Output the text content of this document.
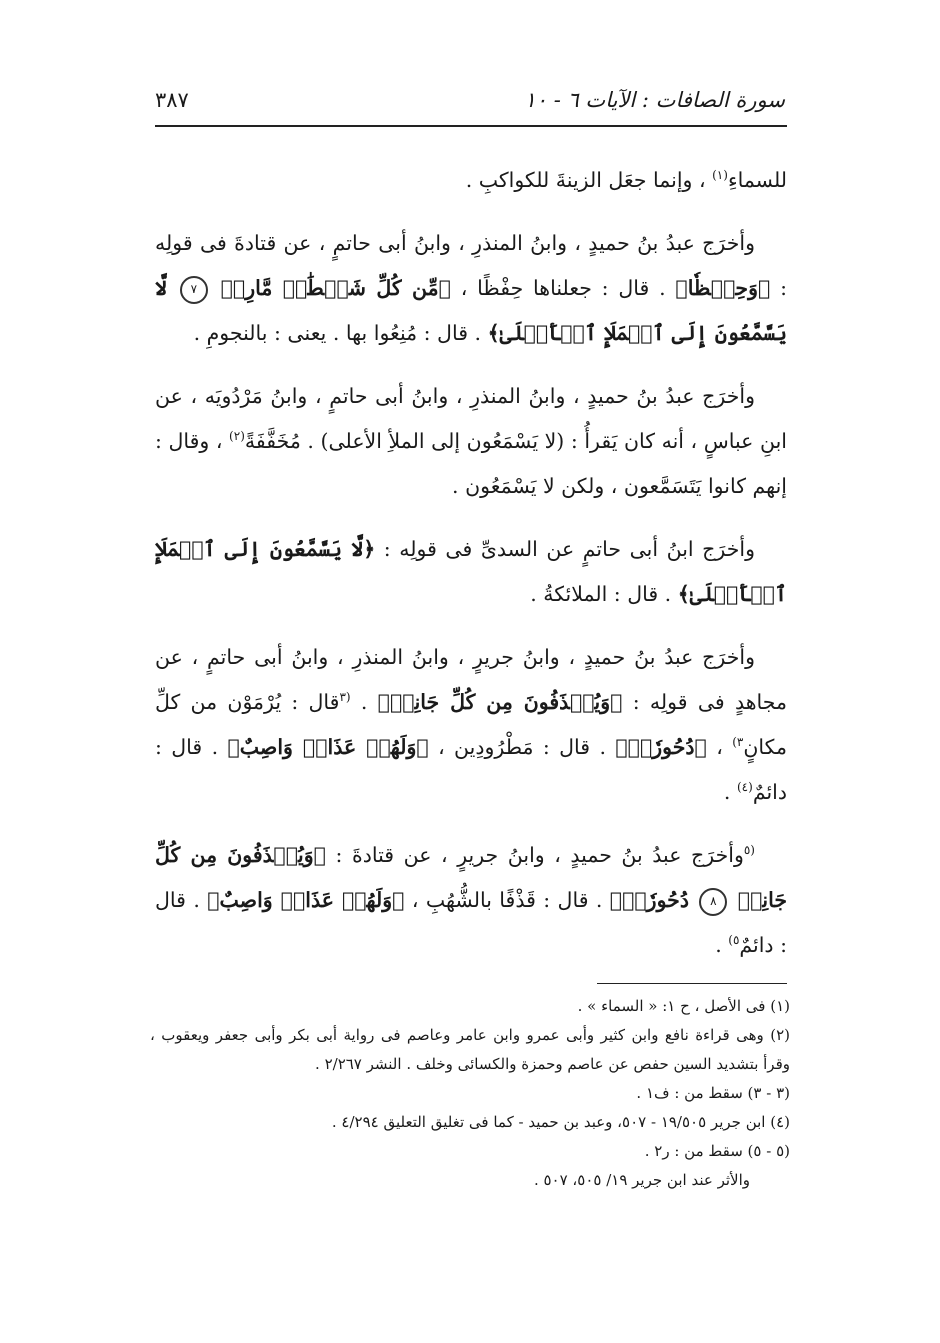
سورة الصافات : الآيات ٦ - ١٠
٣٨٧

للسماءِ$^{(١)}$ ، وإنما جعَل الزينةَ للكواكبِ .

وأخرَج عبدُ بنُ حميدٍ ، وابنُ المنذرِ ، وابنُ أبى حاتمٍ ، عن قتادةَ فى قولِه : ﴿وَحِفۡظٗا﴾ . قال : جعلناها حِفْظًا ، ﴿مِّن كُلِّ شَيۡطَٰنٖ مَّارِدٖ ٧ لَّا يَسَّمَّعُونَ إِلَى ٱلۡمَلَإِ ٱلۡأَعۡلَىٰ﴾ . قال : مُنِعُوا بها . يعنى : بالنجومِ .

وأخرَج عبدُ بنُ حميدٍ ، وابنُ المنذرِ ، وابنُ أبى حاتمٍ ، وابنُ مَرْدُويَه ، عن ابنِ عباسٍ ، أنه كان يَقرأُ : (لا يَسْمَعُون إلى الملأِ الأعلى) . مُخَفَّفَةً$^{(٢)}$ ، وقال : إنهم كانوا يَتَسَمَّعون ، ولكن لا يَسْمَعُون .

وأخرَج ابنُ أبى حاتمٍ عن السدىِّ فى قولِه : ﴿لَّا يَسَّمَّعُونَ إِلَى ٱلۡمَلَإِ ٱلۡأَعۡلَىٰ﴾ . قال : الملائكةُ .

وأخرَج عبدُ بنُ حميدٍ ، وابنُ جريرٍ ، وابنُ المنذرِ ، وابنُ أبى حاتمٍ ، عن مجاهدٍ فى قولِه : ﴿وَيُقۡذَفُونَ مِن كُلِّ جَانِبٖ﴾ . $^{(٣}$قال : يُرْمَوْن من كلِّ مكانٍ$^{٣)}$ ، ﴿دُحُورٗاۖ﴾ . قال : مَطْرُودِين ، ﴿وَلَهُمۡ عَذَابٞ وَاصِبٌ﴾ . قال : دائمٌ$^{(٤)}$ .

$^{(٥}$وأخرَج عبدُ بنُ حميدٍ ، وابنُ جريرٍ ، عن قتادةَ : ﴿وَيُقۡذَفُونَ مِن كُلِّ جَانِبٖ ٨ دُحُورٗاۖ﴾ . قال : قَذْفًا بالشُّهُبِ ، ﴿وَلَهُمۡ عَذَابٞ وَاصِبٌ﴾ . قال : دائمٌ$^{٥)}$ .

(١) فى الأصل ، ح ١: « السماء » .

(٢) وهى قراءة نافع وابن كثير وأبى عمرو وابن عامر وعاصم فى رواية أبى بكر وأبى جعفر ويعقوب ، وقرأ بتشديد السين حفص عن عاصم وحمزة والكسائى وخلف . النشر ٢/٢٦٧ .

(٣ - ٣) سقط من : ف١ .

(٤) ابن جرير ١٩/٥٠٥ - ٥٠٧، وعبد بن حميد - كما فى تغليق التعليق ٤/٢٩٤ .

(٥ - ٥) سقط من : ر٢ .

والأثر عند ابن جرير ١٩/ ٥٠٥، ٥٠٧ .
